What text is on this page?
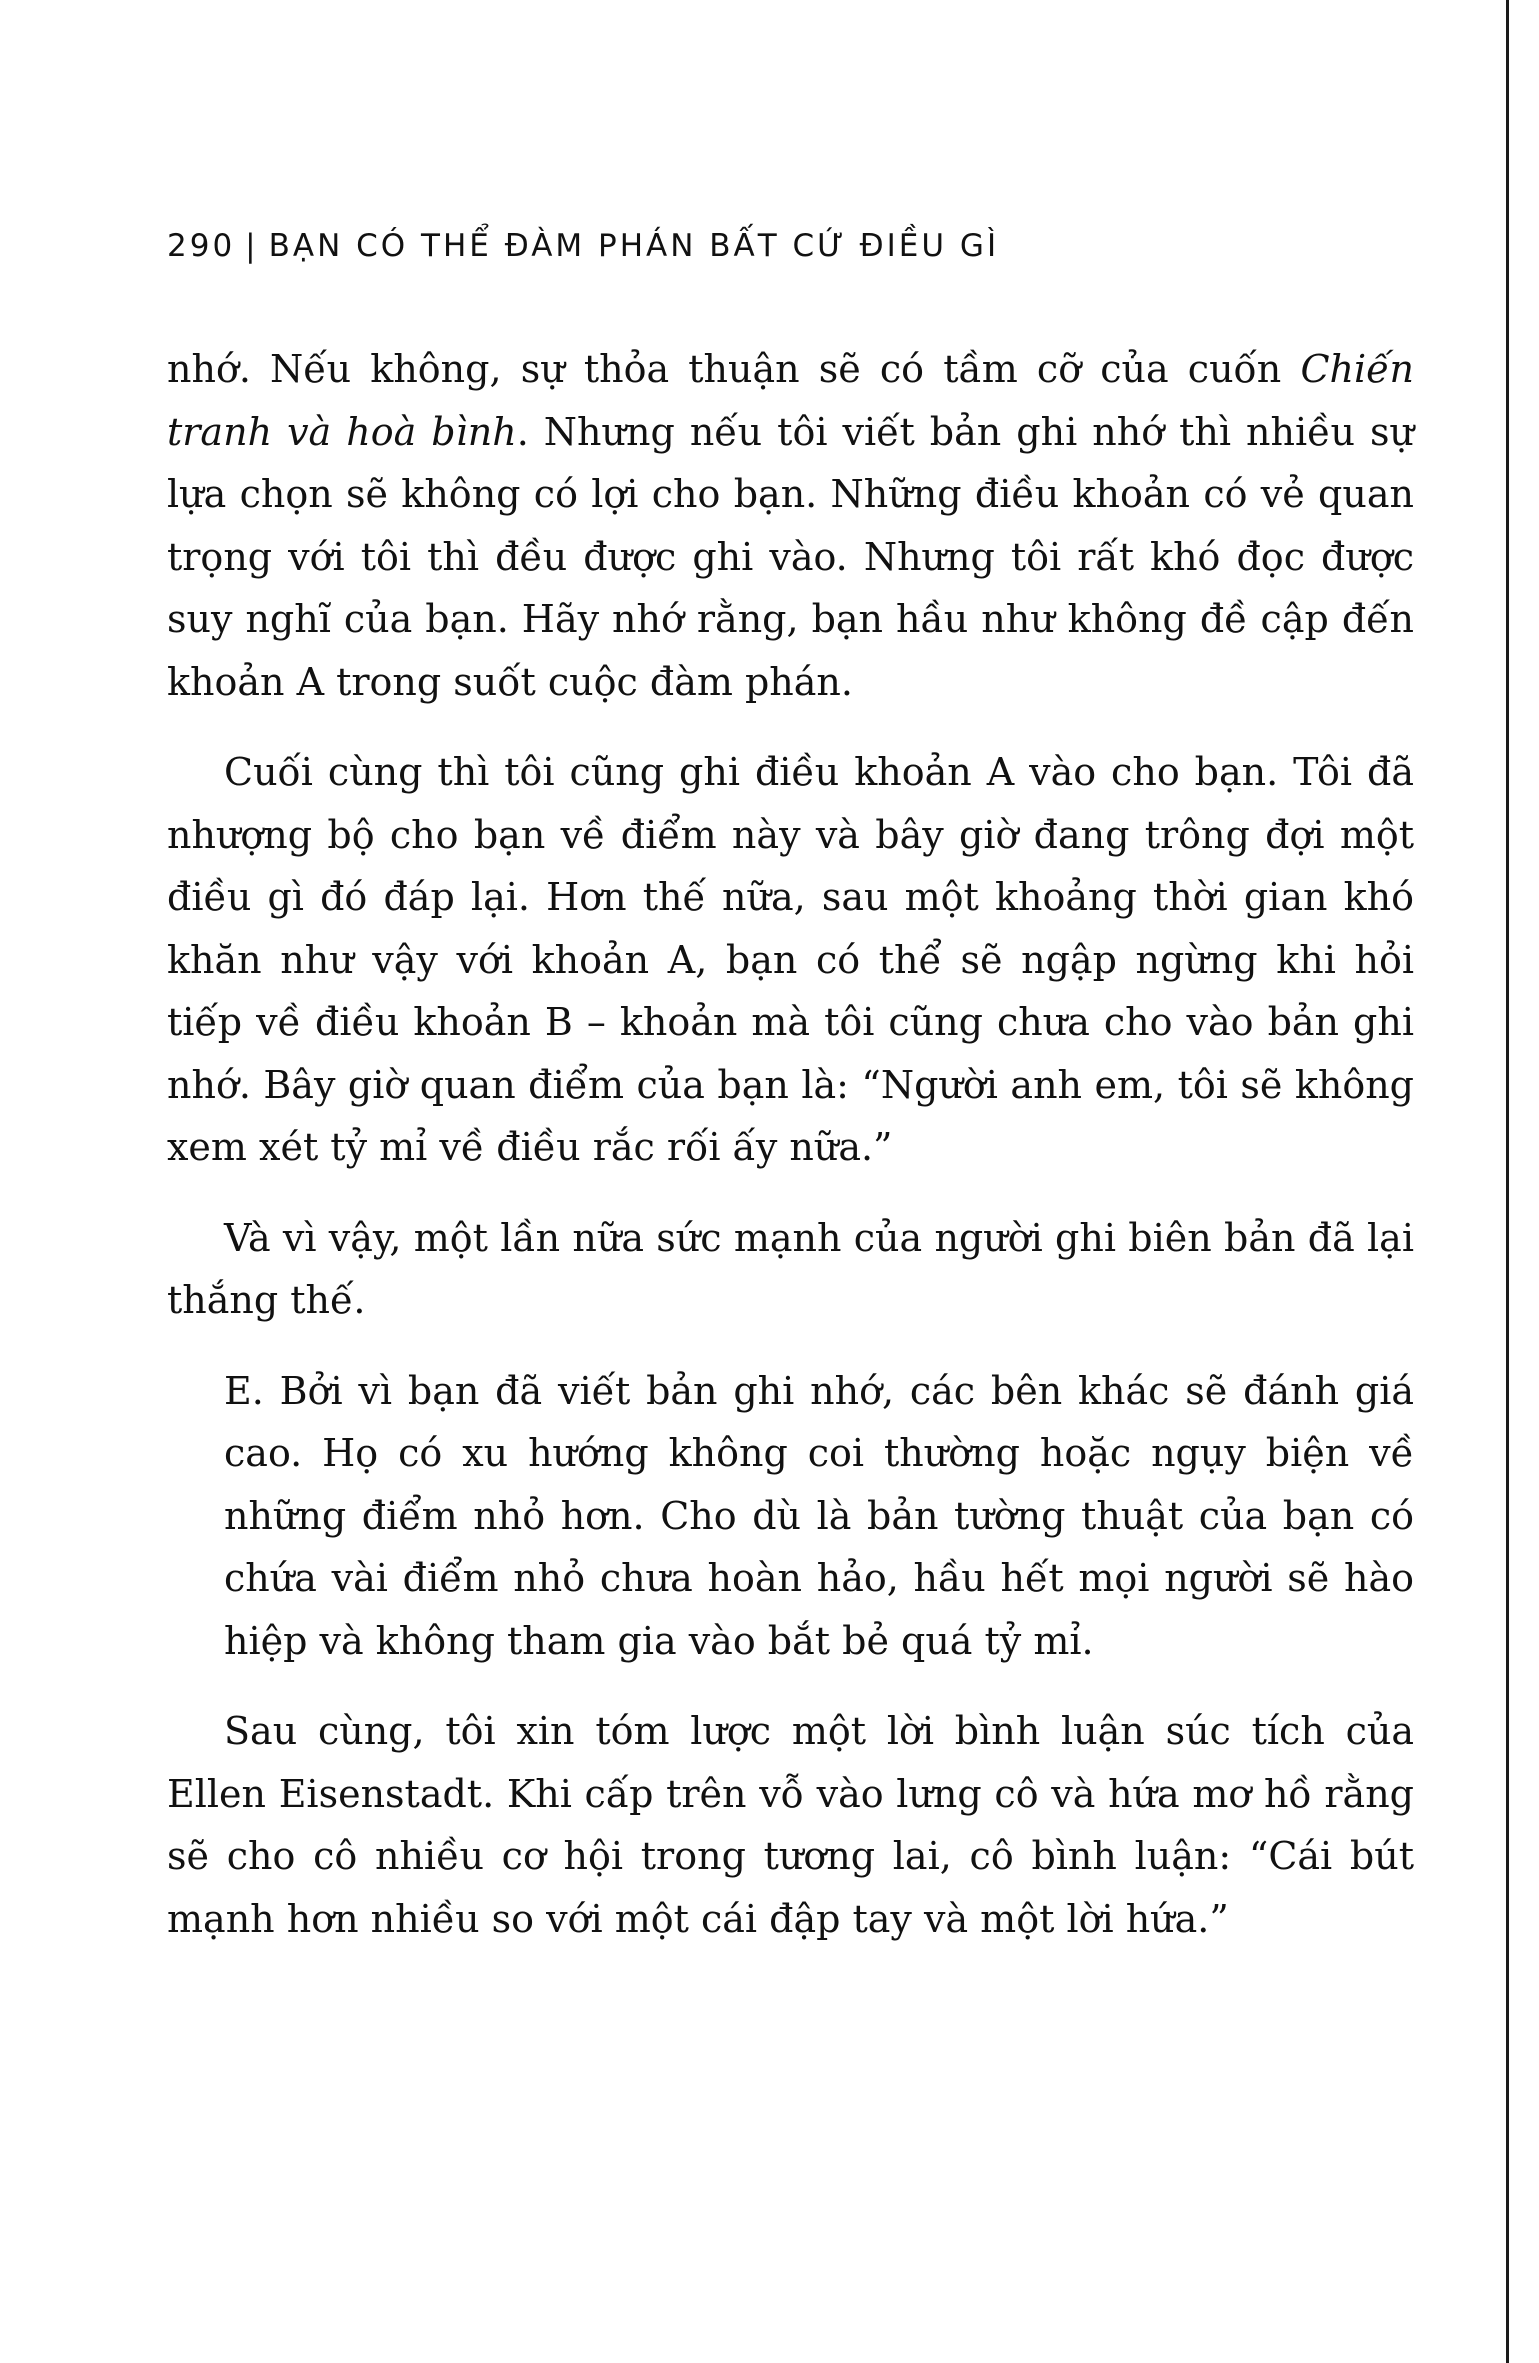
290 | BẠN CÓ THỂ ĐÀM PHÁN BẤT CỨ ĐIỀU GÌ

nhớ. Nếu không, sự thỏa thuận sẽ có tầm cỡ của cuốn Chiến tranh và hoà bình. Nhưng nếu tôi viết bản ghi nhớ thì nhiều sự lựa chọn sẽ không có lợi cho bạn. Những điều khoản có vẻ quan trọng với tôi thì đều được ghi vào. Nhưng tôi rất khó đọc được suy nghĩ của bạn. Hãy nhớ rằng, bạn hầu như không đề cập đến khoản A trong suốt cuộc đàm phán.

Cuối cùng thì tôi cũng ghi điều khoản A vào cho bạn. Tôi đã nhượng bộ cho bạn về điểm này và bây giờ đang trông đợi một điều gì đó đáp lại. Hơn thế nữa, sau một khoảng thời gian khó khăn như vậy với khoản A, bạn có thể sẽ ngập ngừng khi hỏi tiếp về điều khoản B – khoản mà tôi cũng chưa cho vào bản ghi nhớ. Bây giờ quan điểm của bạn là: “Người anh em, tôi sẽ không xem xét tỷ mỉ về điều rắc rối ấy nữa.”

Và vì vậy, một lần nữa sức mạnh của người ghi biên bản đã lại thắng thế.

E. Bởi vì bạn đã viết bản ghi nhớ, các bên khác sẽ đánh giá cao. Họ có xu hướng không coi thường hoặc ngụy biện về những điểm nhỏ hơn. Cho dù là bản tường thuật của bạn có chứa vài điểm nhỏ chưa hoàn hảo, hầu hết mọi người sẽ hào hiệp và không tham gia vào bắt bẻ quá tỷ mỉ.

Sau cùng, tôi xin tóm lược một lời bình luận súc tích của Ellen Eisenstadt. Khi cấp trên vỗ vào lưng cô và hứa mơ hồ rằng sẽ cho cô nhiều cơ hội trong tương lai, cô bình luận: “Cái bút mạnh hơn nhiều so với một cái đập tay và một lời hứa.”
